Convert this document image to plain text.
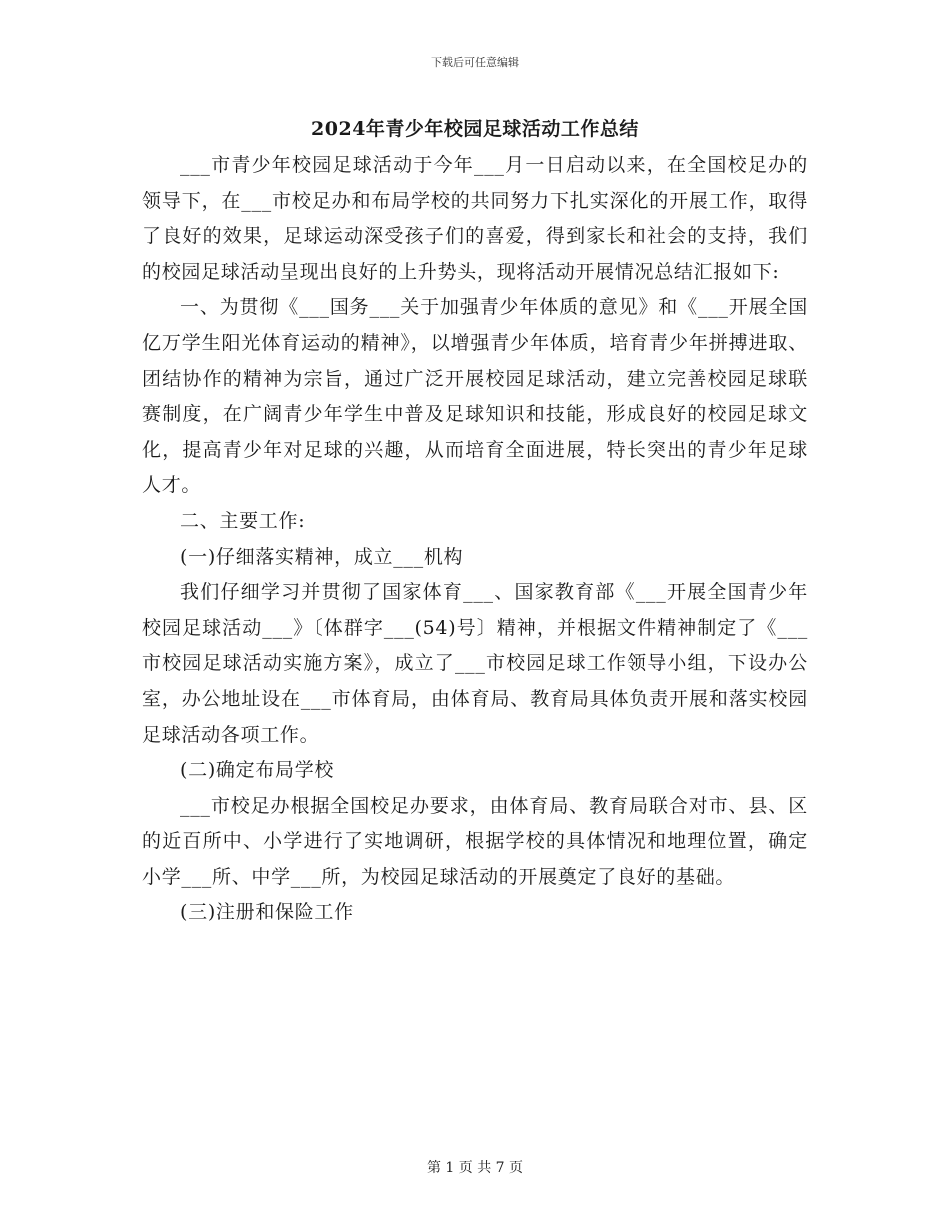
下载后可任意编辑
2024年青少年校园足球活动工作总结

___市青少年校园足球活动于今年___月一日启动以来，在全国校足办的领导下，在___市校足办和布局学校的共同努力下扎实深化的开展工作，取得了良好的效果，足球运动深受孩子们的喜爱，得到家长和社会的支持，我们的校园足球活动呈现出良好的上升势头，现将活动开展情况总结汇报如下:

一、为贯彻《___国务___关于加强青少年体质的意见》和《___开展全国亿万学生阳光体育运动的精神》，以增强青少年体质，培育青少年拼搏进取、团结协作的精神为宗旨，通过广泛开展校园足球活动，建立完善校园足球联赛制度，在广阔青少年学生中普及足球知识和技能，形成良好的校园足球文化，提高青少年对足球的兴趣，从而培育全面进展，特长突出的青少年足球人才。

二、主要工作:

(一)仔细落实精神，成立___机构

我们仔细学习并贯彻了国家体育___、国家教育部《___开展全国青少年校园足球活动___》〔体群字___(54)号〕精神，并根据文件精神制定了《___市校园足球活动实施方案》，成立了___市校园足球工作领导小组，下设办公室，办公地址设在___市体育局，由体育局、教育局具体负责开展和落实校园足球活动各项工作。

(二)确定布局学校

___市校足办根据全国校足办要求，由体育局、教育局联合对市、县、区的近百所中、小学进行了实地调研，根据学校的具体情况和地理位置，确定小学___所、中学___所，为校园足球活动的开展奠定了良好的基础。

(三)注册和保险工作

第 1 页 共 7 页
